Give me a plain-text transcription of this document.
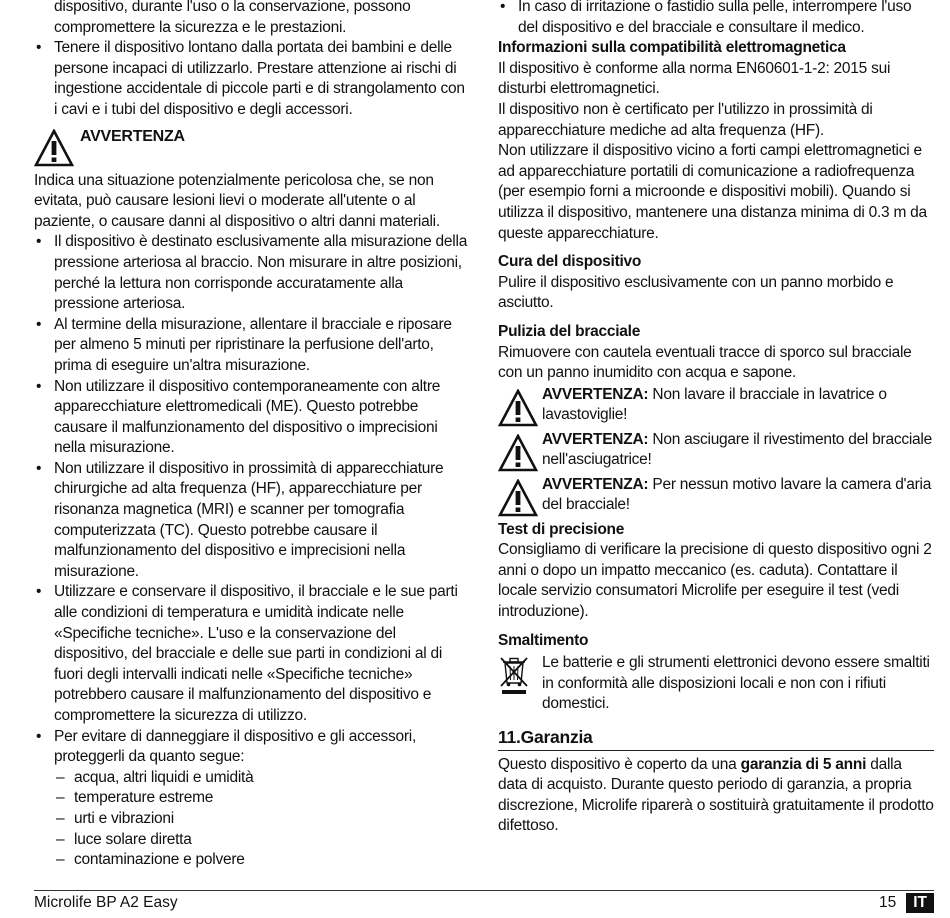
dispositivo, durante l'uso o la conservazione, possono compromettere la sicurezza e le prestazioni.

• Tenere il dispositivo lontano dalla portata dei bambini e delle persone incapaci di utilizzarlo. Prestare attenzione ai rischi di ingestione accidentale di piccole parti e di strangolamento con i cavi e i tubi del dispositivo e degli accessori.
AVVERTENZA

Indica una situazione potenzialmente pericolosa che, se non evitata, può causare lesioni lievi o moderate all'utente o al paziente, o causare danni al dispositivo o altri danni materiali.

• Il dispositivo è destinato esclusivamente alla misurazione della pressione arteriosa al braccio. Non misurare in altre posizioni, perché la lettura non corrisponde accuratamente alla pressione arteriosa.
• Al termine della misurazione, allentare il bracciale e riposare per almeno 5 minuti per ripristinare la perfusione dell'arto, prima di eseguire un'altra misurazione.
• Non utilizzare il dispositivo contemporaneamente con altre apparecchiature elettromedicali (ME). Questo potrebbe causare il malfunzionamento del dispositivo o imprecisioni nella misurazione.
• Non utilizzare il dispositivo in prossimità di apparecchiature chirurgiche ad alta frequenza (HF), apparecchiature per risonanza magnetica (MRI) e scanner per tomografia computerizzata (TC). Questo potrebbe causare il malfunzionamento del dispositivo e imprecisioni nella misurazione.
• Utilizzare e conservare il dispositivo, il bracciale e le sue parti alle condizioni di temperatura e umidità indicate nelle «Specifiche tecniche». L'uso e la conservazione del dispositivo, del bracciale e delle sue parti in condizioni al di fuori degli intervalli indicati nelle «Specifiche tecniche» potrebbero causare il malfunzionamento del dispositivo e compromettere la sicurezza di utilizzo.
• Per evitare di danneggiare il dispositivo e gli accessori, proteggerli da quanto segue:
– acqua, altri liquidi e umidità
– temperature estreme
– urti e vibrazioni
– luce solare diretta
– contaminazione e polvere
• In caso di irritazione o fastidio sulla pelle, interrompere l'uso del dispositivo e del bracciale e consultare il medico.

Informazioni sulla compatibilità elettromagnetica

Il dispositivo è conforme alla norma EN60601-1-2: 2015 sui disturbi elettromagnetici.

Il dispositivo non è certificato per l'utilizzo in prossimità di apparecchiature mediche ad alta frequenza (HF).

Non utilizzare il dispositivo vicino a forti campi elettromagnetici e ad apparecchiature portatili di comunicazione a radiofrequenza (per esempio forni a microonde e dispositivi mobili). Quando si utilizza il dispositivo, mantenere una distanza minima di 0.3 m da queste apparecchiature.

Cura del dispositivo

Pulire il dispositivo esclusivamente con un panno morbido e asciutto.

Pulizia del bracciale

Rimuovere con cautela eventuali tracce di sporco sul bracciale con un panno inumidito con acqua e sapone.

AVVERTENZA: Non lavare il bracciale in lavatrice o lavastoviglie!
AVVERTENZA: Non asciugare il rivestimento del bracciale nell'asciugatrice!
AVVERTENZA: Per nessun motivo lavare la camera d'aria del bracciale!

Test di precisione

Consigliamo di verificare la precisione di questo dispositivo ogni 2 anni o dopo un impatto meccanico (es. caduta). Contattare il locale servizio consumatori Microlife per eseguire il test (vedi introduzione).

Smaltimento

Le batterie e gli strumenti elettronici devono essere smaltiti in conformità alle disposizioni locali e non con i rifiuti domestici.

11.Garanzia

Questo dispositivo è coperto da una garanzia di 5 anni dalla data di acquisto. Durante questo periodo di garanzia, a propria discrezione, Microlife riparerà o sostituirà gratuitamente il prodotto difettoso.

Microlife BP A2 Easy	15	IT
